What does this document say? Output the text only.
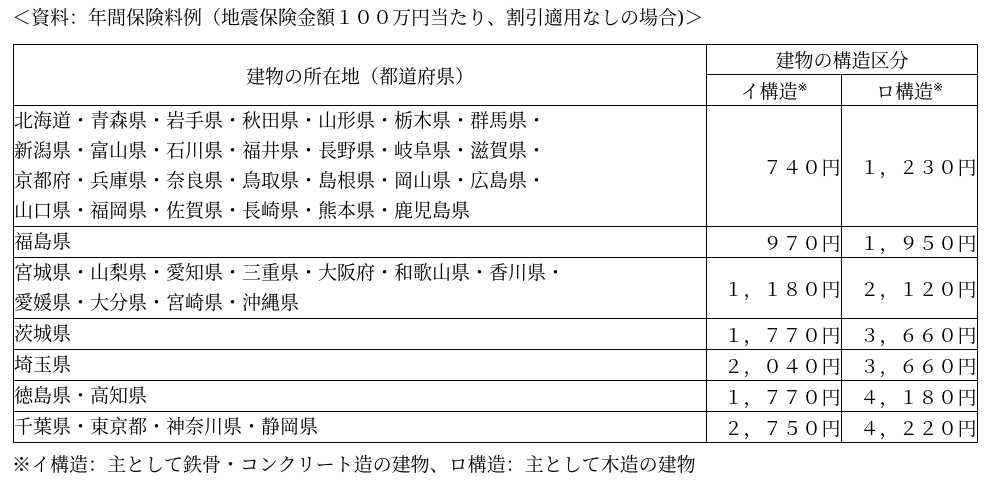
＜資料：年間保険料例（地震保険金額１００万円当たり、割引適用なしの場合)＞
建物の所在地（都道府県）	建物の構造区分	
	イ構造※	ロ構造※

北海道・青森県・岩手県・秋田県・山形県・栃木県・群馬県・
新潟県・富山県・石川県・福井県・長野県・岐阜県・滋賀県・
京都府・兵庫県・奈良県・鳥取県・島根県・岡山県・広島県・
山口県・福岡県・佐賀県・長崎県・熊本県・鹿児島県	７４０円	１，２３０円

福島県	９７０円	１，９５０円

宮城県・山梨県・愛知県・三重県・大阪府・和歌山県・香川県・
愛媛県・大分県・宮崎県・沖縄県	１，１８０円	２，１２０円

茨城県	１，７７０円	３，６６０円

埼玉県	２，０４０円	３，６６０円

徳島県・高知県	１，７７０円	４，１８０円

千葉県・東京都・神奈川県・静岡県	２，７５０円	４，２２０円
※イ構造：主として鉄骨・コンクリート造の建物、ロ構造：主として木造の建物
